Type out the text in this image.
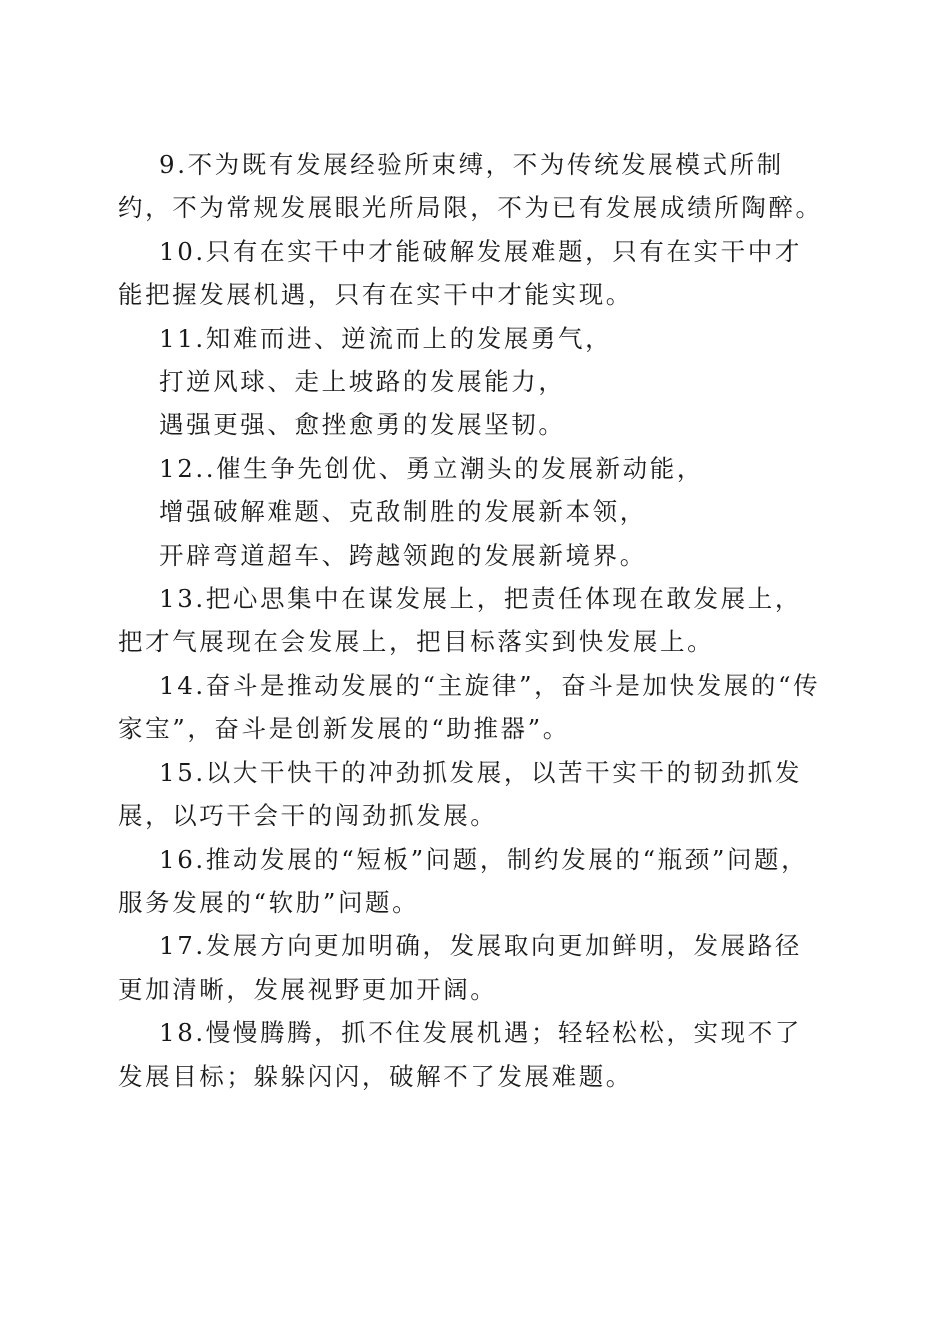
9.不为既有发展经验所束缚，不为传统发展模式所制约，不为常规发展眼光所局限，不为已有发展成绩所陶醉。

10.只有在实干中才能破解发展难题，只有在实干中才能把握发展机遇，只有在实干中才能实现。

11.知难而进、逆流而上的发展勇气，

打逆风球、走上坡路的发展能力，

遇强更强、愈挫愈勇的发展坚韧。

12..催生争先创优、勇立潮头的发展新动能，

增强破解难题、克敌制胜的发展新本领，

开辟弯道超车、跨越领跑的发展新境界。

13.把心思集中在谋发展上，把责任体现在敢发展上，把才气展现在会发展上，把目标落实到快发展上。

14.奋斗是推动发展的“主旋律”，奋斗是加快发展的“传家宝”，奋斗是创新发展的“助推器”。

15.以大干快干的冲劲抓发展，以苦干实干的韧劲抓发展，以巧干会干的闯劲抓发展。

16.推动发展的“短板”问题，制约发展的“瓶颈”问题，服务发展的“软肋”问题。

17.发展方向更加明确，发展取向更加鲜明，发展路径更加清晰，发展视野更加开阔。

18.慢慢腾腾，抓不住发展机遇；轻轻松松，实现不了发展目标；躲躲闪闪，破解不了发展难题。
